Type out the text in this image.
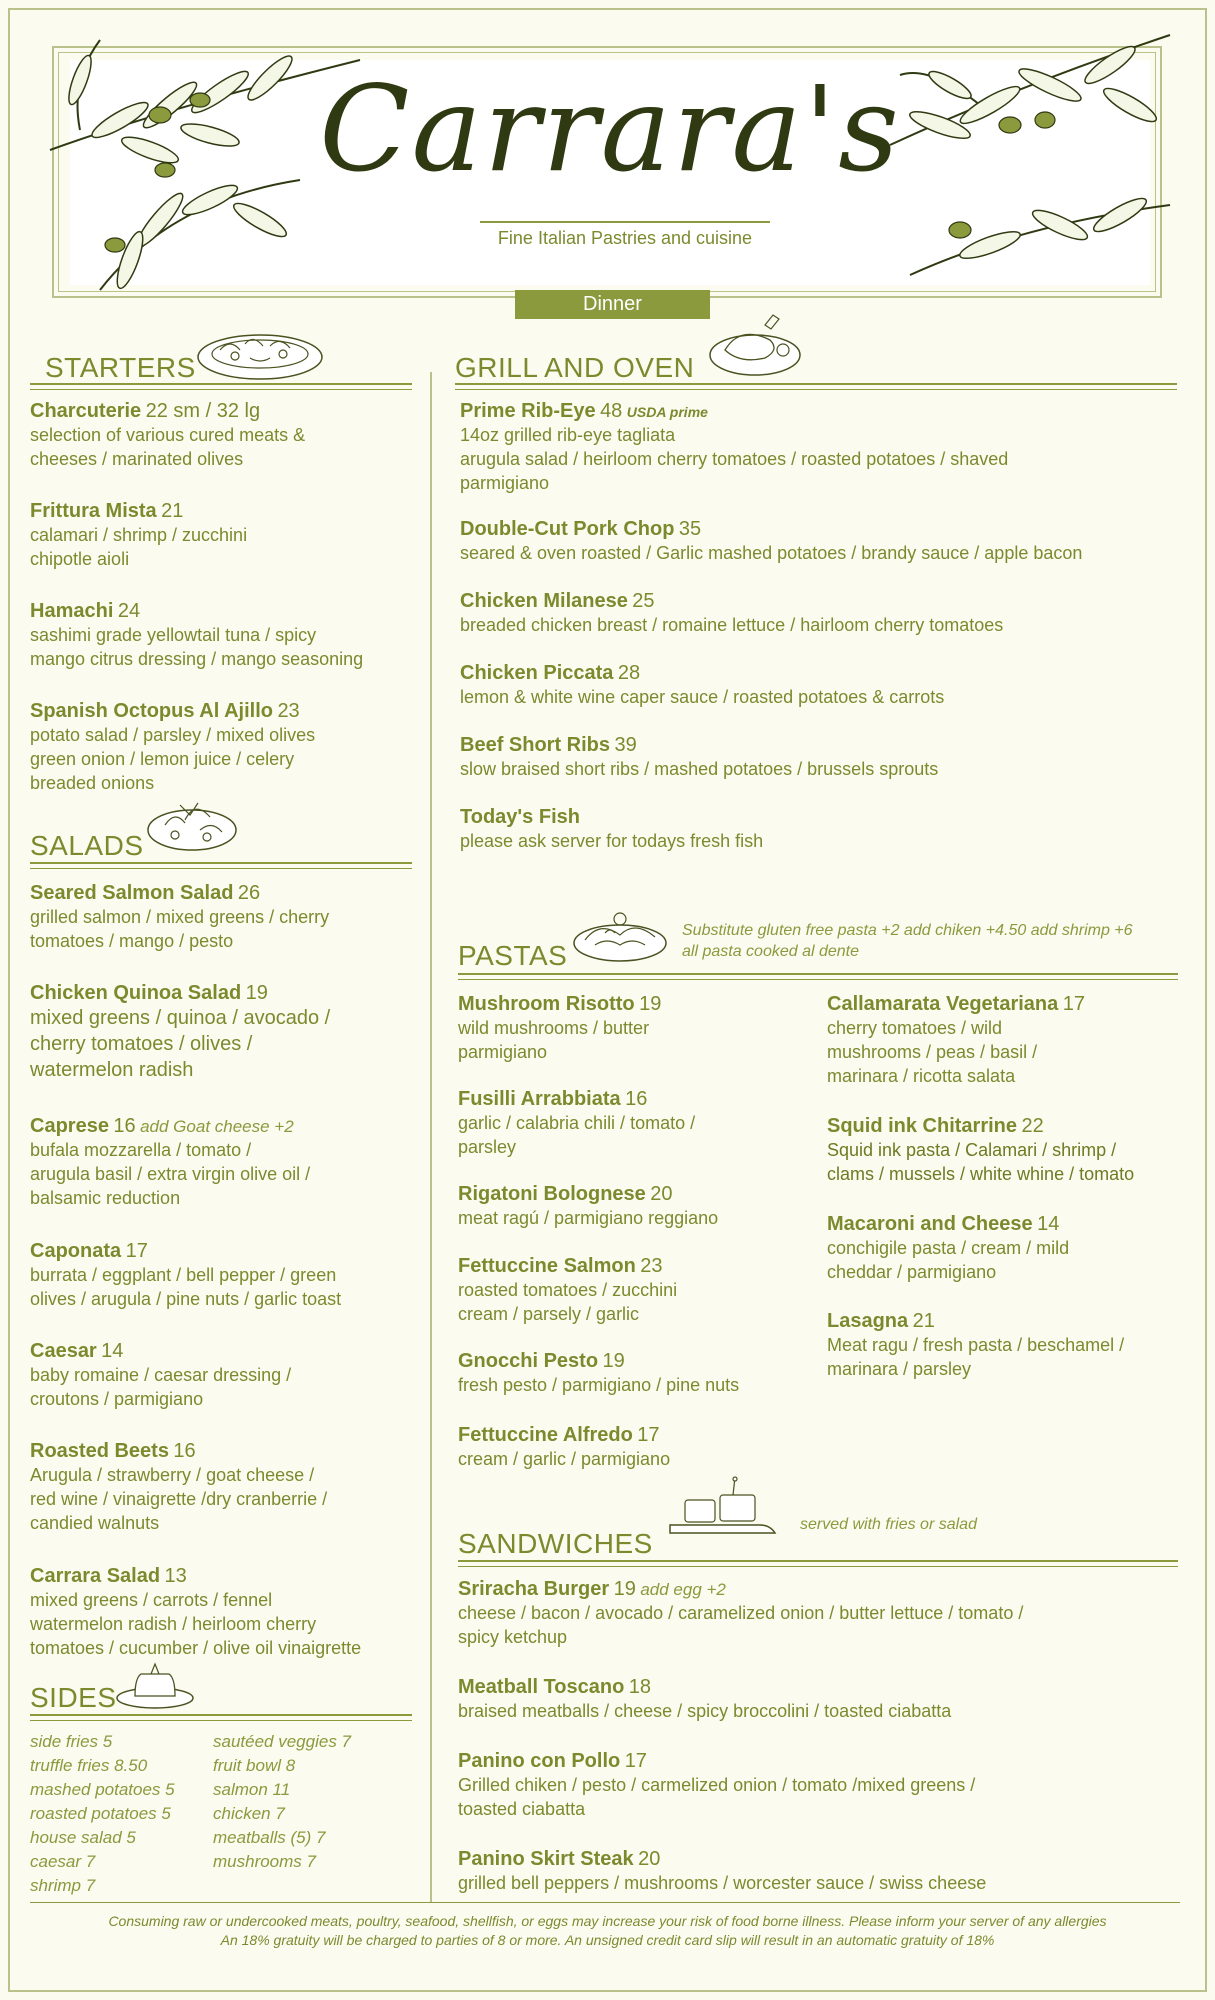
Carrara's
Fine Italian Pastries and cuisine
Dinner
STARTERS
Charcuterie 22 sm / 32 lg
selection of various cured meats &
cheeses / marinated olives
Frittura Mista 21
calamari / shrimp / zucchini
chipotle aioli
Hamachi 24
sashimi grade yellowtail tuna / spicy
mango citrus dressing / mango seasoning
Spanish Octopus Al Ajillo 23
potato salad / parsley / mixed olives
green onion / lemon juice / celery
breaded onions
SALADS
Seared Salmon Salad 26
grilled salmon / mixed greens / cherry
tomatoes / mango / pesto
Chicken Quinoa Salad 19
mixed greens / quinoa / avocado /
cherry tomatoes / olives /
watermelon radish
Caprese 16 add Goat cheese +2
bufala mozzarella / tomato /
arugula basil / extra virgin olive oil /
balsamic reduction
Caponata 17
burrata / eggplant / bell pepper / green
olives / arugula / pine nuts / garlic toast
Caesar 14
baby romaine / caesar dressing /
croutons / parmigiano
Roasted Beets 16
Arugula / strawberry / goat cheese /
red wine / vinaigrette /dry cranberrie /
candied walnuts
Carrara Salad 13
mixed greens / carrots / fennel
watermelon radish / heirloom cherry
tomatoes / cucumber / olive oil vinaigrette
SIDES
side fries 5
truffle fries 8.50
mashed potatoes 5
roasted potatoes 5
house salad 5
caesar 7
shrimp 7
sautéed veggies 7
fruit bowl 8
salmon 11
chicken 7
meatballs (5) 7
mushrooms 7
GRILL AND OVEN
Prime Rib-Eye 48 USDA prime
14oz grilled rib-eye tagliata
arugula salad / heirloom cherry tomatoes / roasted potatoes / shaved
parmigiano
Double-Cut Pork Chop 35
seared & oven roasted / Garlic mashed potatoes / brandy sauce / apple bacon
Chicken Milanese 25
breaded chicken breast / romaine lettuce / hairloom cherry tomatoes
Chicken Piccata 28
lemon & white wine caper sauce / roasted potatoes & carrots
Beef Short Ribs 39
slow braised short ribs / mashed potatoes / brussels sprouts
Today's Fish
please ask server for todays fresh fish
Substitute gluten free pasta +2 add chiken +4.50 add shrimp +6
all pasta cooked al dente
PASTAS
Mushroom Risotto 19
wild mushrooms / butter
parmigiano
Fusilli Arrabbiata 16
garlic / calabria chili / tomato /
parsley
Rigatoni Bolognese 20
meat ragú / parmigiano reggiano
Fettuccine Salmon 23
roasted tomatoes / zucchini
cream / parsely / garlic
Gnocchi Pesto 19
fresh pesto / parmigiano / pine nuts
Fettuccine Alfredo 17
cream / garlic / parmigiano
Callamarata Vegetariana 17
cherry tomatoes / wild
mushrooms / peas / basil /
marinara / ricotta salata
Squid ink Chitarrine 22
Squid ink pasta / Calamari / shrimp /
clams / mussels / white whine / tomato
Macaroni and Cheese 14
conchigile pasta / cream / mild
cheddar / parmigiano
Lasagna 21
Meat ragu / fresh pasta / beschamel /
marinara / parsley
served with fries or salad
SANDWICHES
Sriracha Burger 19 add egg +2
cheese / bacon / avocado / caramelized onion / butter lettuce / tomato /
spicy ketchup
Meatball Toscano 18
braised meatballs / cheese / spicy broccolini / toasted ciabatta
Panino con Pollo 17
Grilled chiken / pesto / carmelized onion / tomato /mixed greens /
toasted ciabatta
Panino Skirt Steak 20
grilled bell peppers / mushrooms / worcester sauce / swiss cheese
Consuming raw or undercooked meats, poultry, seafood, shellfish, or eggs may increase your risk of food borne illness. Please inform your server of any allergies
An 18% gratuity will be charged to parties of 8 or more. An unsigned credit card slip will result in an automatic gratuity of 18%
